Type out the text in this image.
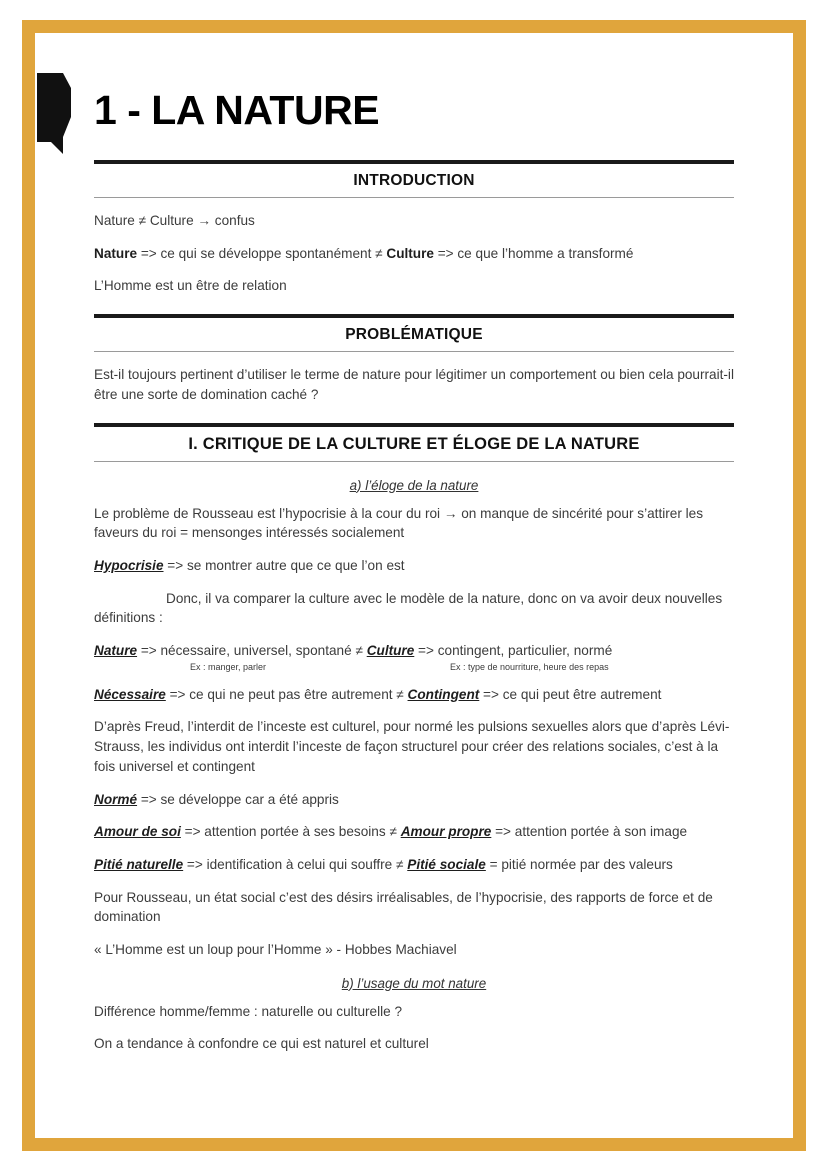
1 - LA NATURE
INTRODUCTION

Nature ≠ Culture → confus

Nature => ce qui se développe spontanément ≠ Culture => ce que l’homme a transformé

L’Homme est un être de relation

PROBLÉMATIQUE

Est-il toujours pertinent d’utiliser le terme de nature pour légitimer un comportement ou bien cela pourrait-il être une sorte de domination caché ?

I. CRITIQUE DE LA CULTURE ET ÉLOGE DE LA NATURE
a) l’éloge de la nature

Le problème de Rousseau est l’hypocrisie à la cour du roi → on manque de sincérité pour s’attirer les faveurs du roi = mensonges intéressés socialement

Hypocrisie => se montrer autre que ce que l’on est

Donc, il va comparer la culture avec le modèle de la nature, donc on va avoir deux nouvelles définitions :

Nature => nécessaire, universel, spontané ≠ Culture => contingent, particulier, normé

Ex : manger, parler	Ex : type de nourriture, heure des repas

Nécessaire => ce qui ne peut pas être autrement ≠ Contingent => ce qui peut être autrement

D’après Freud, l’interdit de l’inceste est culturel, pour normé les pulsions sexuelles alors que d’après Lévi-Strauss, les individus ont interdit l’inceste de façon structurel pour créer des relations sociales, c’est à la fois universel et contingent

Normé => se développe car a été appris

Amour de soi => attention portée à ses besoins ≠ Amour propre => attention portée à son image

Pitié naturelle => identification à celui qui souffre ≠ Pitié sociale = pitié normée par des valeurs

Pour Rousseau, un état social c’est des désirs irréalisables, de l’hypocrisie, des rapports de force et de domination

« L’Homme est un loup pour l’Homme » - Hobbes Machiavel

b) l’usage du mot nature

Différence homme/femme : naturelle ou culturelle ?

On a tendance à confondre ce qui est naturel et culturel
